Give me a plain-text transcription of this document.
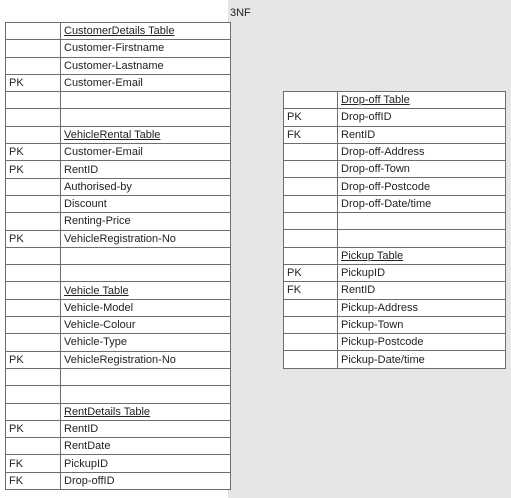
3NF
	CustomerDetails Table
	Customer-Firstname
	Customer-Lastname
PK	Customer-Email

	VehicleRental Table
PK	Customer-Email
PK	RentID
	Authorised-by
	Discount
	Renting-Price
PK	VehicleRegistration-No

	Vehicle Table
	Vehicle-Model
	Vehicle-Colour
	Vehicle-Type
PK	VehicleRegistration-No

	RentDetails Table
PK	RentID
	RentDate
FK	PickupID
FK	Drop-offID
	Drop-off Table
PK	Drop-offID
FK	RentID
	Drop-off-Address
	Drop-off-Town
	Drop-off-Postcode
	Drop-off-Date/time

	Pickup Table
PK	PickupID
FK	RentID
	Pickup-Address
	Pickup-Town
	Pickup-Postcode
	Pickup-Date/time
